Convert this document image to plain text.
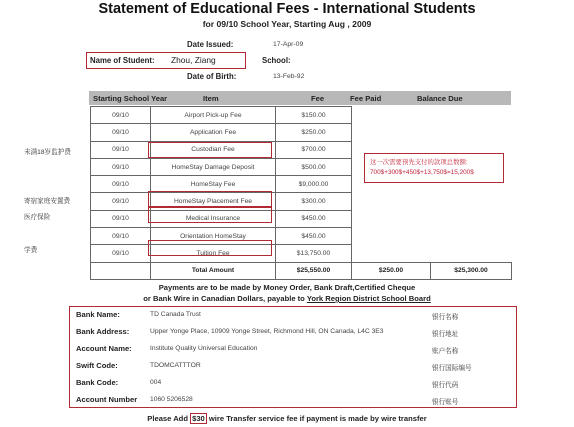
Statement of Educational Fees - International Students
for 09/10 School Year, Starting Aug , 2009
Date Issued:	17-Apr-09
Name of Student: Zhou, Ziang	School:
Date of Birth:	13-Feb-92
Starting School Year	Item	Fee	Fee Paid	Balance Due
09/10	Airport Pick-up Fee	$150.00		
09/10	Application Fee	$250.00		
09/10	Custodian Fee	$700.00		
09/10	HomeStay Damage Deposit	$500.00		
09/10	HomeStay Fee	$9,000.00		
09/10	HomeStay Placement Fee	$300.00		
09/10	Medical Insurance	$450.00		
09/10	Orientation HomeStay	$450.00		
09/10	Tuition Fee	$13,750.00		
	Total Amount	$25,550.00	$250.00	$25,300.00
未满18岁监护费
寄宿家庭安置费
医疗保险
学费
这一次需要预先支付的款项总数额:
700$+300$+450$+13,750$=15,200$
Payments are to be made by Money Order, Bank Draft,Certified Cheque
or Bank Wire in Canadian Dollars, payable to York Region District School Board
Bank Name:	TD Canada Trust	银行名称
Bank Address:	Upper Yonge Place, 10909 Yonge Street, Richmond Hill, ON Canada, L4C 3E3	银行地址
Account Name:	Institute Quality Universal Education	账户名称
Swift Code:	TDOMCATTTOR	银行国际编号
Bank Code:	004	银行代码
Account Number 1060 5206528	银行账号
Please Add $30 wire Transfer service fee if payment is made by wire transfer
